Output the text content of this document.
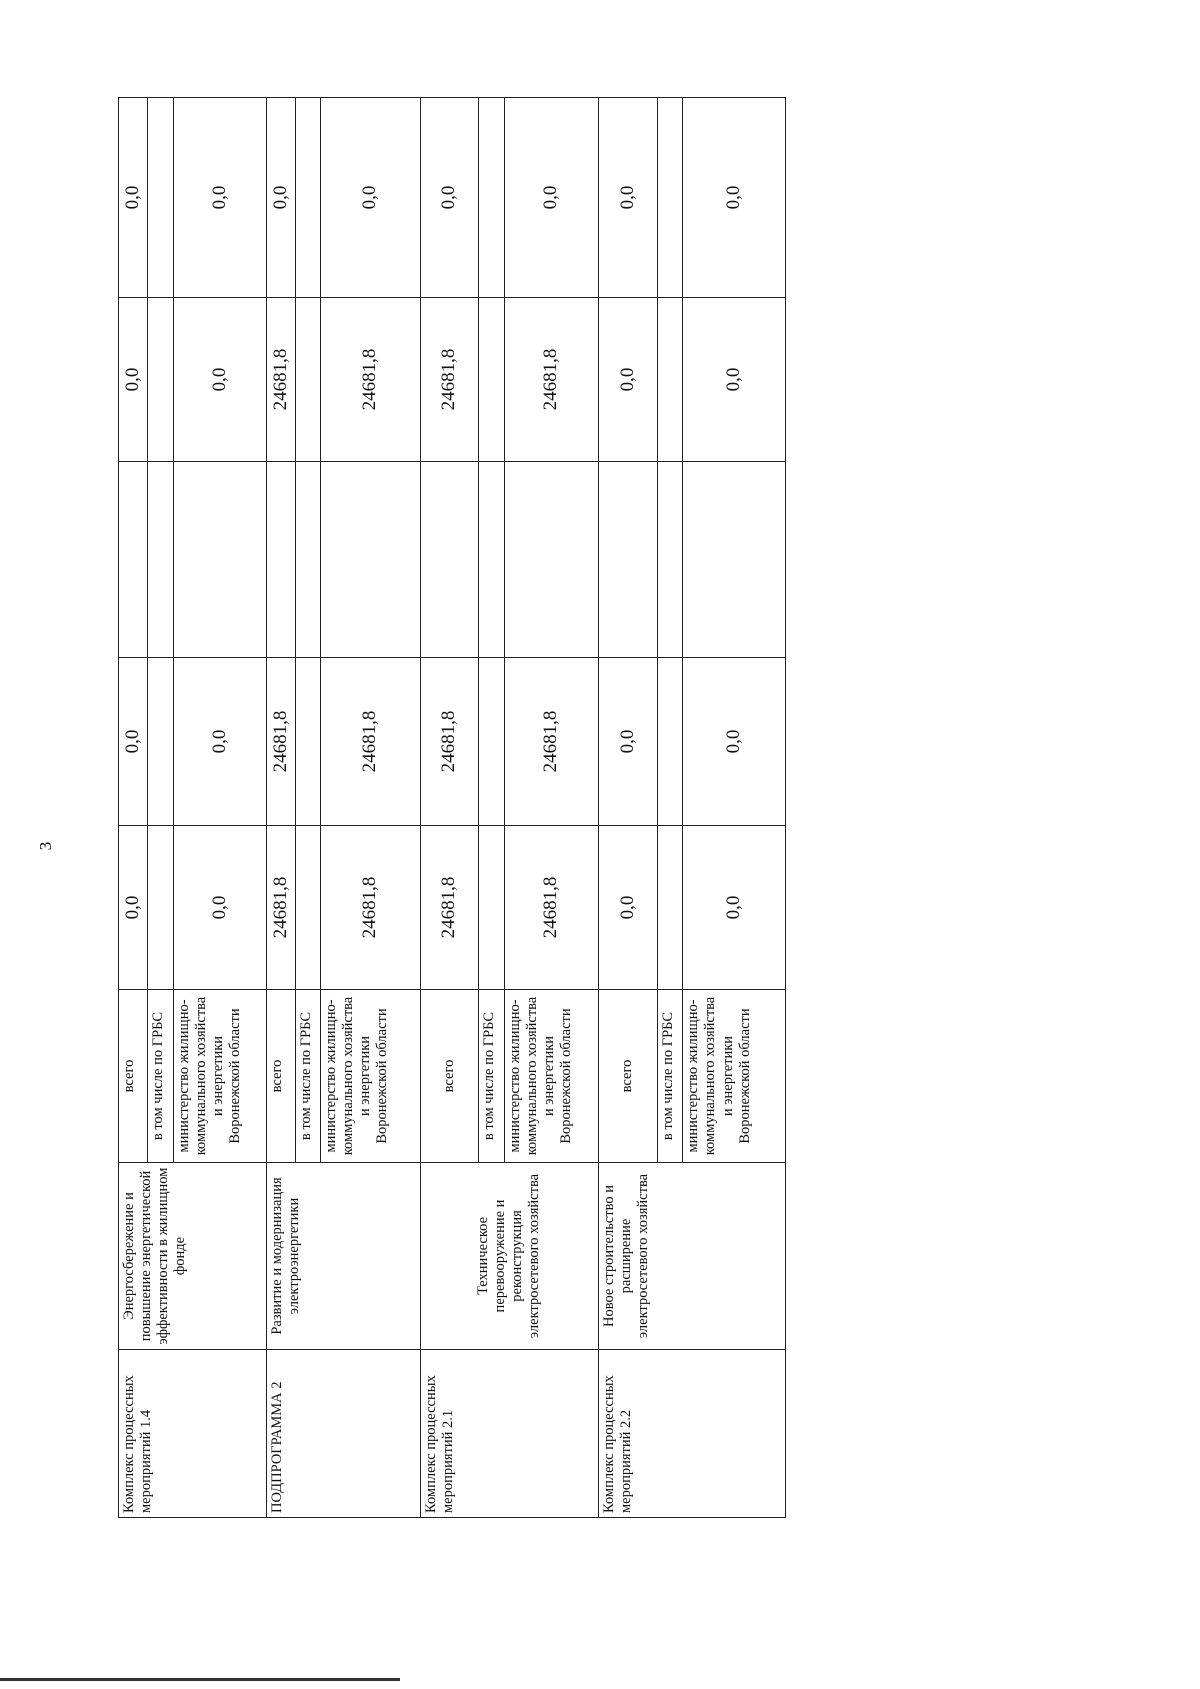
3
Комплекс процессных мероприятий 1.4	Энергосбережение и повышение энергетической эффективности в жилищном фонде	всего	0,0	0,0		0,0	0,0
		в том числе по ГРБС					
		министерство жилищно-коммунального хозяйства и энергетики Воронежской области	0,0	0,0		0,0	0,0
ПОДПРОГРАММА 2	Развитие и модернизация электроэнергетики	всего	24681,8	24681,8		24681,8	0,0
		в том числе по ГРБС					
		министерство жилищно-коммунального хозяйства и энергетики Воронежской области	24681,8	24681,8		24681,8	0,0
Комплекс процессных мероприятий 2.1	Техническое перевооружение и реконструкция электросетевого хозяйства	всего	24681,8	24681,8		24681,8	0,0
		в том числе по ГРБС					
		министерство жилищно-коммунального хозяйства и энергетики Воронежской области	24681,8	24681,8		24681,8	0,0
Комплекс процессных мероприятий 2.2	Новое строительство и расширение электросетевого хозяйства	всего	0,0	0,0		0,0	0,0
		в том числе по ГРБС					
		министерство жилищно-коммунального хозяйства и энергетики Воронежской области	0,0	0,0		0,0	0,0
